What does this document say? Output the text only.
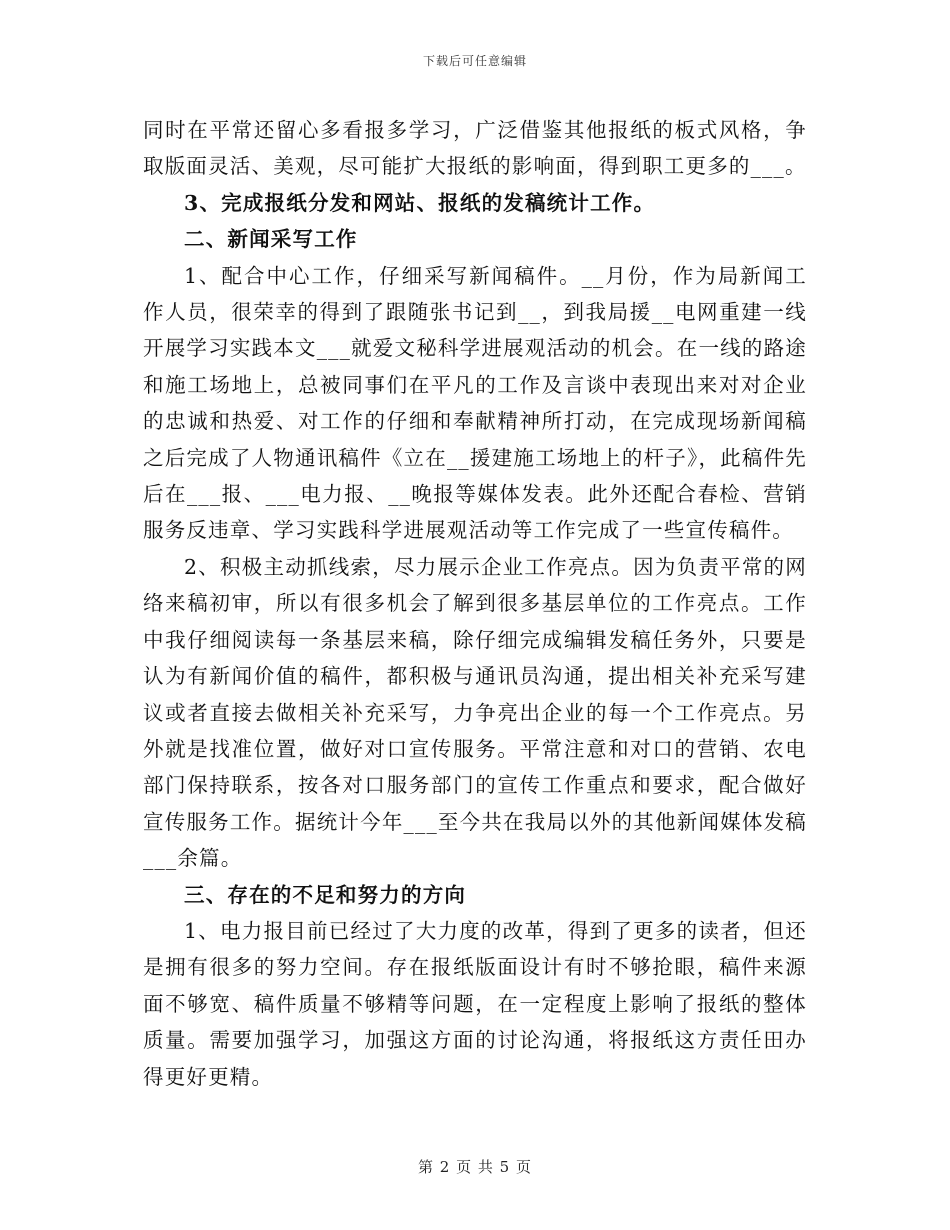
下载后可任意编辑

同时在平常还留心多看报多学习，广泛借鉴其他报纸的板式风格，争取版面灵活、美观，尽可能扩大报纸的影响面，得到职工更多的___。

3、完成报纸分发和网站、报纸的发稿统计工作。

二、新闻采写工作

1、配合中心工作，仔细采写新闻稿件。__月份，作为局新闻工作人员，很荣幸的得到了跟随张书记到__，到我局援__电网重建一线开展学习实践本文___就爱文秘科学进展观活动的机会。在一线的路途和施工场地上，总被同事们在平凡的工作及言谈中表现出来对对企业的忠诚和热爱、对工作的仔细和奉献精神所打动，在完成现场新闻稿之后完成了人物通讯稿件《立在__援建施工场地上的杆子》，此稿件先后在___报、___电力报、__晚报等媒体发表。此外还配合春检、营销服务反违章、学习实践科学进展观活动等工作完成了一些宣传稿件。

2、积极主动抓线索，尽力展示企业工作亮点。因为负责平常的网络来稿初审，所以有很多机会了解到很多基层单位的工作亮点。工作中我仔细阅读每一条基层来稿，除仔细完成编辑发稿任务外，只要是认为有新闻价值的稿件，都积极与通讯员沟通，提出相关补充采写建议或者直接去做相关补充采写，力争亮出企业的每一个工作亮点。另外就是找准位置，做好对口宣传服务。平常注意和对口的营销、农电部门保持联系，按各对口服务部门的宣传工作重点和要求，配合做好宣传服务工作。据统计今年___至今共在我局以外的其他新闻媒体发稿___余篇。

三、存在的不足和努力的方向

1、电力报目前已经过了大力度的改革，得到了更多的读者，但还是拥有很多的努力空间。存在报纸版面设计有时不够抢眼，稿件来源面不够宽、稿件质量不够精等问题，在一定程度上影响了报纸的整体质量。需要加强学习，加强这方面的讨论沟通，将报纸这方责任田办得更好更精。

第 2 页 共 5 页
